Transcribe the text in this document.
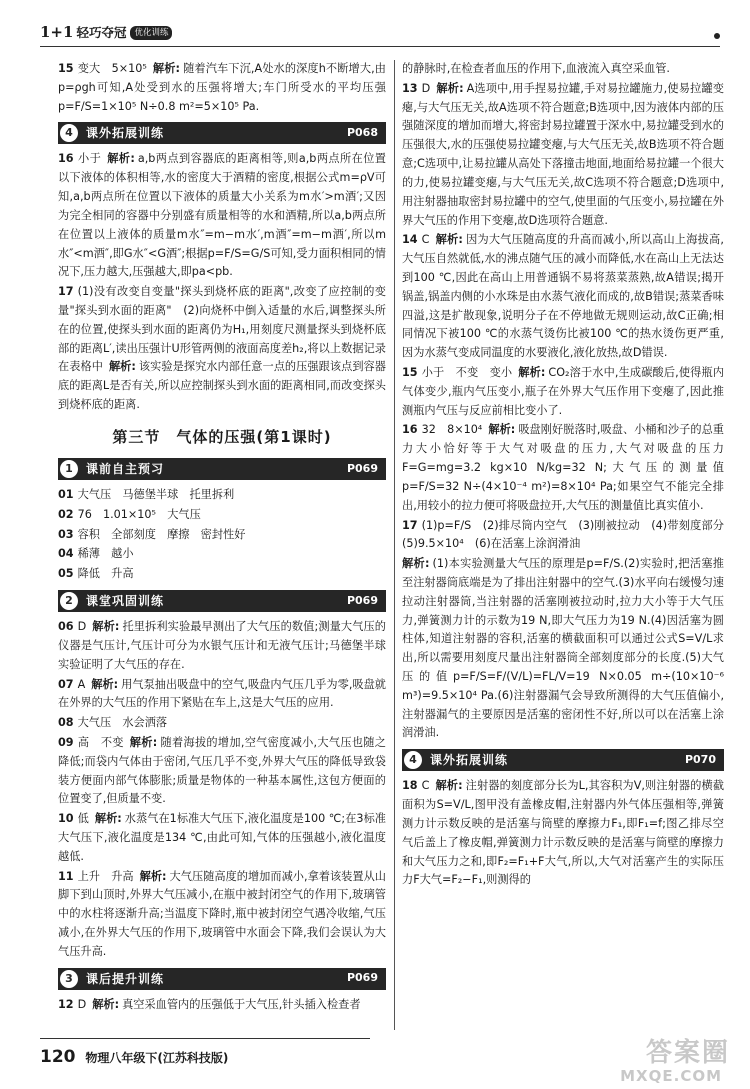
1+1 轻巧夺冠 优化训练

15 变大　5×10⁵ 解析: 随着汽车下沉,A处水的深度h不断增大,由p=ρgh可知,A处受到水的压强将增大;车门所受水的平均压强p=F/S=1×10⁵ N÷0.8 m²=5×10⁵ Pa.

4	课外拓展训练	P068

16 小于 解析: a,b两点到容器底的距离相等,则a,b两点所在位置以下液体的体积相等,水的密度大于酒精的密度,根据公式m=ρV可知,a,b两点所在位置以下液体的质量大小关系为m水′>m酒′;又因为完全相同的容器中分别盛有质量相等的水和酒精,所以a,b两点所在位置以上液体的质量m水″=m−m水′,m酒″=m−m酒′,所以m水″<m酒″,即G水″<G酒″;根据p=F/S=G/S可知,受力面积相同的情况下,压力越大,压强越大,即pa<pb.

17 (1)没有改变自变量"探头到烧杯底的距离",改变了应控制的变量"探头到水面的距离"　(2)向烧杯中倒入适量的水后,调整探头所在的位置,使探头到水面的距离仍为H₁,用刻度尺测量探头到烧杯底部的距离L′,读出压强计U形管两侧的液面高度差h₂,将以上数据记录在表格中 解析: 该实验是探究水内部任意一点的压强跟该点到容器底的距离L是否有关,所以应控制探头到水面的距离相同,而改变探头到烧杯底的距离.

第三节　气体的压强(第1课时)
1	课前自主预习	P069

01 大气压　马德堡半球　托里拆利

02 76　1.01×10⁵　大气压

03 容积　全部刻度　摩擦　密封性好

04 稀薄　越小

05 降低　升高

2	课堂巩固训练	P069

06 D 解析: 托里拆利实验最早测出了大气压的数值;测量大气压的仪器是气压计,气压计可分为水银气压计和无液气压计;马德堡半球实验证明了大气压的存在.

07 A 解析: 用气泵抽出吸盘中的空气,吸盘内气压几乎为零,吸盘就在外界的大气压的作用下紧贴在车上,这是大气压的应用.

08 大气压　水会洒落

09 高　不变 解析: 随着海拔的增加,空气密度减小,大气压也随之降低;而袋内气体由于密闭,气压几乎不变,外界大气压的降低导致袋装方便面内部气体膨胀;质量是物体的一种基本属性,这包方便面的位置变了,但质量不变.

10 低 解析: 水蒸气在1标准大气压下,液化温度是100 ℃;在3标准大气压下,液化温度是134 ℃,由此可知,气体的压强越小,液化温度越低.

11 上升　升高 解析: 大气压随高度的增加而减小,拿着该装置从山脚下到山顶时,外界大气压减小,在瓶中被封闭空气的作用下,玻璃管中的水柱将逐渐升高;当温度下降时,瓶中被封闭空气遇冷收缩,气压减小,在外界大气压的作用下,玻璃管中水面会下降,我们会误认为大气压升高.

3	课后提升训练	P069

12 D 解析: 真空采血管内的压强低于大气压,针头插入检查者

的静脉时,在检查者血压的作用下,血液流入真空采血管.

13 D 解析: A选项中,用手捏易拉罐,手对易拉罐施力,使易拉罐变瘪,与大气压无关,故A选项不符合题意;B选项中,因为液体内部的压强随深度的增加而增大,将密封易拉罐置于深水中,易拉罐受到水的压强很大,水的压强使易拉罐变瘪,与大气压无关,故B选项不符合题意;C选项中,让易拉罐从高处下落撞击地面,地面给易拉罐一个很大的力,使易拉罐变瘪,与大气压无关,故C选项不符合题意;D选项中,用注射器抽取密封易拉罐中的空气,使里面的气压变小,易拉罐在外界大气压的作用下变瘪,故D选项符合题意.

14 C 解析: 因为大气压随高度的升高而减小,所以高山上海拔高,大气压自然就低,水的沸点随气压的减小而降低,水在高山上无法达到100 ℃,因此在高山上用普通锅不易将蒸菜蒸熟,故A错误;揭开锅盖,锅盖内侧的小水珠是由水蒸气液化而成的,故B错误;蒸菜香味四溢,这是扩散现象,说明分子在不停地做无规则运动,故C正确;相同情况下被100 ℃的水蒸气烫伤比被100 ℃的热水烫伤更严重,因为水蒸气变成同温度的水要液化,液化放热,故D错误.

15 小于　不变　变小 解析: CO₂溶于水中,生成碳酸后,使得瓶内气体变少,瓶内气压变小,瓶子在外界大气压作用下变瘪了,因此推测瓶内气压与反应前相比变小了.

16 32　8×10⁴ 解析: 吸盘刚好脱落时,吸盘、小桶和沙子的总重力大小恰好等于大气对吸盘的压力,大气对吸盘的压力F=G=mg=3.2 kg×10 N/kg=32 N;大气压的测量值p=F/S=32 N÷(4×10⁻⁴ m²)=8×10⁴ Pa;如果空气不能完全排出,用较小的拉力便可将吸盘拉开,大气压的测量值比真实值小.

17 (1)p=F/S　(2)排尽筒内空气　(3)刚被拉动　(4)带刻度部分　(5)9.5×10⁴　(6)在活塞上涂润滑油

解析: (1)本实验测量大气压的原理是p=F/S.(2)实验时,把活塞推至注射器筒底端是为了排出注射器中的空气.(3)水平向右缓慢匀速拉动注射器筒,当注射器的活塞刚被拉动时,拉力大小等于大气压力,弹簧测力计的示数为19 N,即大气压力为19 N.(4)因活塞为圆柱体,知道注射器的容积,活塞的横截面积可以通过公式S=V/L求出,所以需要用刻度尺量出注射器筒全部刻度部分的长度.(5)大气压的值p=F/S=F/(V/L)=FL/V=19 N×0.05 m÷(10×10⁻⁶ m³)=9.5×10⁴ Pa.(6)注射器漏气会导致所测得的大气压值偏小,注射器漏气的主要原因是活塞的密闭性不好,所以可以在活塞上涂润滑油.

4	课外拓展训练	P070

18 C 解析: 注射器的刻度部分长为L,其容积为V,则注射器的横截面积为S=V/L,图甲没有盖橡皮帽,注射器内外气体压强相等,弹簧测力计示数反映的是活塞与筒壁的摩擦力F₁,即F₁=f;图乙排尽空气后盖上了橡皮帽,弹簧测力计示数反映的是活塞与筒壁的摩擦力和大气压力之和,即F₂=F₁+F大气,所以,大气对活塞产生的实际压力F大气=F₂−F₁,则测得的

120 物理八年级下(江苏科技版)	答案圈
MXQE.COM
